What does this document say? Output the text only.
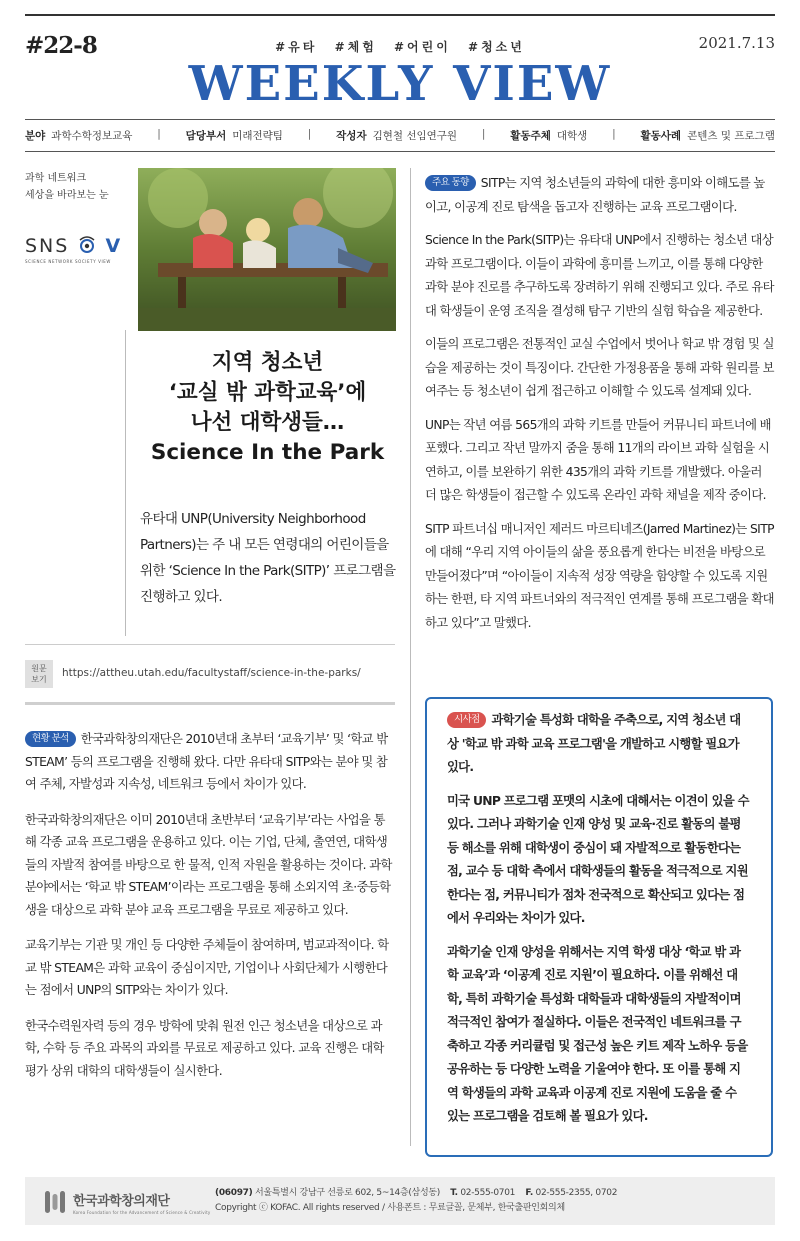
#22-8	#유타 #체험 #어린이 #청소년	2021.7.13
WEEKLY VIEW
분야 과학수학정보교육 | 담당부서 미래전략팀 | 작성자 김현철 선임연구원 | 활동주체 대학생 | 활동사례 콘텐츠 및 프로그램
과학 네트워크
세상을 바라보는 눈
SNS V
SCIENCE NETWORK SOCIETY VIEW
지역 청소년
‘교실 밖 과학교육’에
나선 대학생들…
Science In the Park
유타대 UNP(University Neighborhood Partners)는 주 내 모든 연령대의 어린이들을 위한 ‘Science In the Park(SITP)’ 프로그램을 진행하고 있다.
원문
보기
https://attheu.utah.edu/facultystaff/science-in-the-parks/

현황 분석 한국과학창의재단은 2010년대 초부터 ‘교육기부’ 및 ‘학교 밖 STEAM’ 등의 프로그램을 진행해 왔다. 다만 유타대 SITP와는 분야 및 참여 주체, 자발성과 지속성, 네트워크 등에서 차이가 있다.

한국과학창의재단은 이미 2010년대 초반부터 ‘교육기부’라는 사업을 통해 각종 교육 프로그램을 운용하고 있다. 이는 기업, 단체, 출연연, 대학생들의 자발적 참여를 바탕으로 한 물적, 인적 자원을 활용하는 것이다. 과학 분야에서는 ‘학교 밖 STEAM’이라는 프로그램을 통해 소외지역 초·중등학생을 대상으로 과학 분야 교육 프로그램을 무료로 제공하고 있다.

교육기부는 기관 및 개인 등 다양한 주체들이 참여하며, 범교과적이다. 학교 밖 STEAM은 과학 교육이 중심이지만, 기업이나 사회단체가 시행한다는 점에서 UNP의 SITP와는 차이가 있다.

한국수력원자력 등의 경우 방학에 맞춰 원전 인근 청소년을 대상으로 과학, 수학 등 주요 과목의 과외를 무료로 제공하고 있다. 교육 진행은 대학 평가 상위 대학의 대학생들이 실시한다.

주요 동향 SITP는 지역 청소년들의 과학에 대한 흥미와 이해도를 높이고, 이공계 진로 탐색을 돕고자 진행하는 교육 프로그램이다.

Science In the Park(SITP)는 유타대 UNP에서 진행하는 청소년 대상 과학 프로그램이다. 이들이 과학에 흥미를 느끼고, 이를 통해 다양한 과학 분야 진로를 추구하도록 장려하기 위해 진행되고 있다. 주로 유타대 학생들이 운영 조직을 결성해 탐구 기반의 실험 학습을 제공한다.

이들의 프로그램은 전통적인 교실 수업에서 벗어나 학교 밖 경험 및 실습을 제공하는 것이 특징이다. 간단한 가정용품을 통해 과학 원리를 보여주는 등 청소년이 쉽게 접근하고 이해할 수 있도록 설계돼 있다.

UNP는 작년 여름 565개의 과학 키트를 만들어 커뮤니티 파트너에 배포했다. 그리고 작년 말까지 줌을 통해 11개의 라이브 과학 실험을 시연하고, 이를 보완하기 위한 435개의 과학 키트를 개발했다. 아울러 더 많은 학생들이 접근할 수 있도록 온라인 과학 채널을 제작 중이다.

SITP 파트너십 매니저인 제러드 마르티네즈(Jarred Martinez)는 SITP에 대해 “우리 지역 아이들의 삶을 풍요롭게 한다는 비전을 바탕으로 만들어졌다”며 “아이들이 지속적 성장 역량을 함양할 수 있도록 지원하는 한편, 타 지역 파트너와의 적극적인 연계를 통해 프로그램을 확대하고 있다”고 말했다.

시사점 과학기술 특성화 대학을 주축으로, 지역 청소년 대상 '학교 밖 과학 교육 프로그램'을 개발하고 시행할 필요가 있다.

미국 UNP 프로그램 포맷의 시초에 대해서는 이견이 있을 수 있다. 그러나 과학기술 인재 양성 및 교육·진로 활동의 불평등 해소를 위해 대학생이 중심이 돼 자발적으로 활동한다는 점, 교수 등 대학 측에서 대학생들의 활동을 적극적으로 지원한다는 점, 커뮤니티가 점차 전국적으로 확산되고 있다는 점에서 우리와는 차이가 있다.

과학기술 인재 양성을 위해서는 지역 학생 대상 ‘학교 밖 과학 교육’과 ‘이공계 진로 지원’이 필요하다. 이를 위해선 대학, 특히 과학기술 특성화 대학들과 대학생들의 자발적이며 적극적인 참여가 절실하다. 이들은 전국적인 네트워크를 구축하고 각종 커리큘럼 및 접근성 높은 키트 제작 노하우 등을 공유하는 등 다양한 노력을 기울여야 한다. 또 이를 통해 지역 학생들의 과학 교육과 이공계 진로 지원에 도움을 줄 수 있는 프로그램을 검토해 볼 필요가 있다.

한국과학창의재단
Korea Foundation for the Advancement of Science & Creativity
(06097) 서울특별시 강남구 선릉로 602, 5~14층(삼성동) T. 02-555-0701 F. 02-555-2355, 0702
Copyright ⓒ KOFAC. All rights reserved / 사용폰트 : 무료글꼴, 문체부, 한국출판인회의체
